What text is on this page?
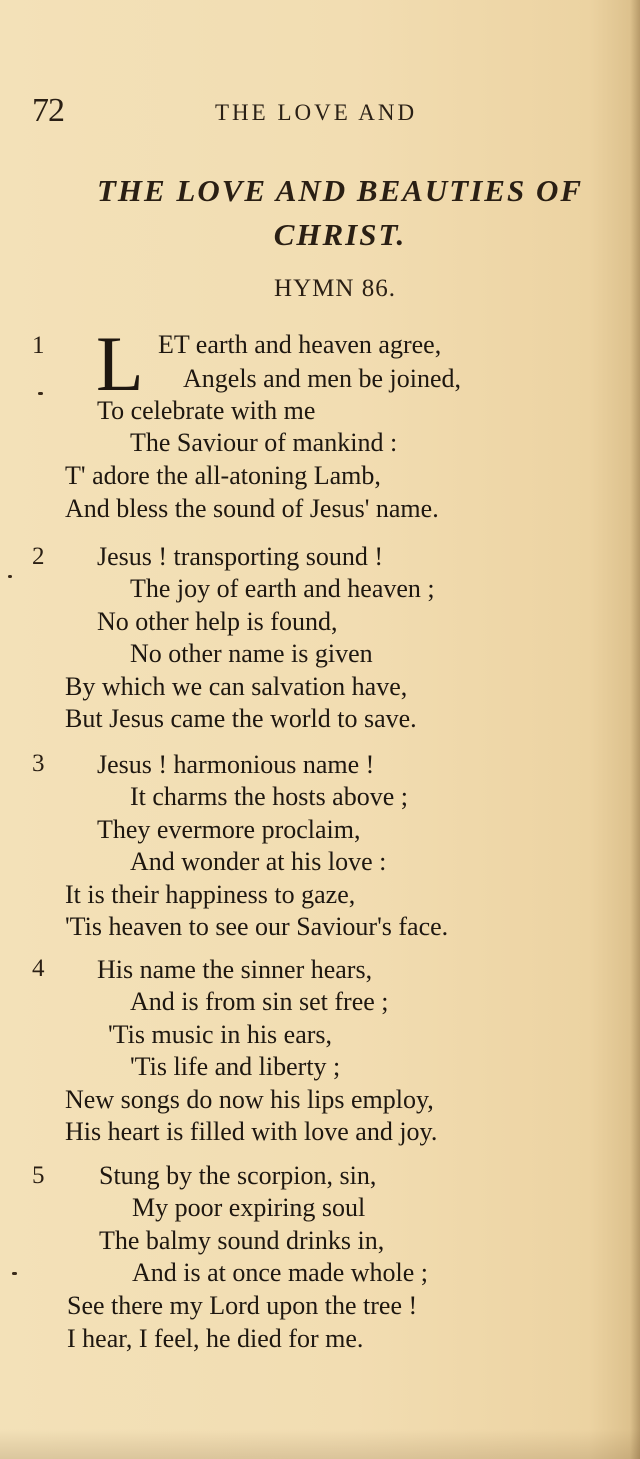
72	THE LOVE AND
THE LOVE AND BEAUTIES OF
CHRIST.
HYMN 86.
L
1	ET earth and heaven agree,
Angels and men be joined,
To celebrate with me
The Saviour of mankind :
T' adore the all-atoning Lamb,
And bless the sound of Jesus' name.
2 Jesus ! transporting sound !
The joy of earth and heaven ;
No other help is found,
No other name is given
By which we can salvation have,
But Jesus came the world to save.
3 Jesus ! harmonious name !
It charms the hosts above ;
They evermore proclaim,
And wonder at his love :
It is their happiness to gaze,
'Tis heaven to see our Saviour's face.
4 His name the sinner hears,
And is from sin set free ;
'Tis music in his ears,
'Tis life and liberty ;
New songs do now his lips employ,
His heart is filled with love and joy.
5 Stung by the scorpion, sin,
My poor expiring soul
The balmy sound drinks in,
And is at once made whole ;
See there my Lord upon the tree !
I hear, I feel, he died for me.
